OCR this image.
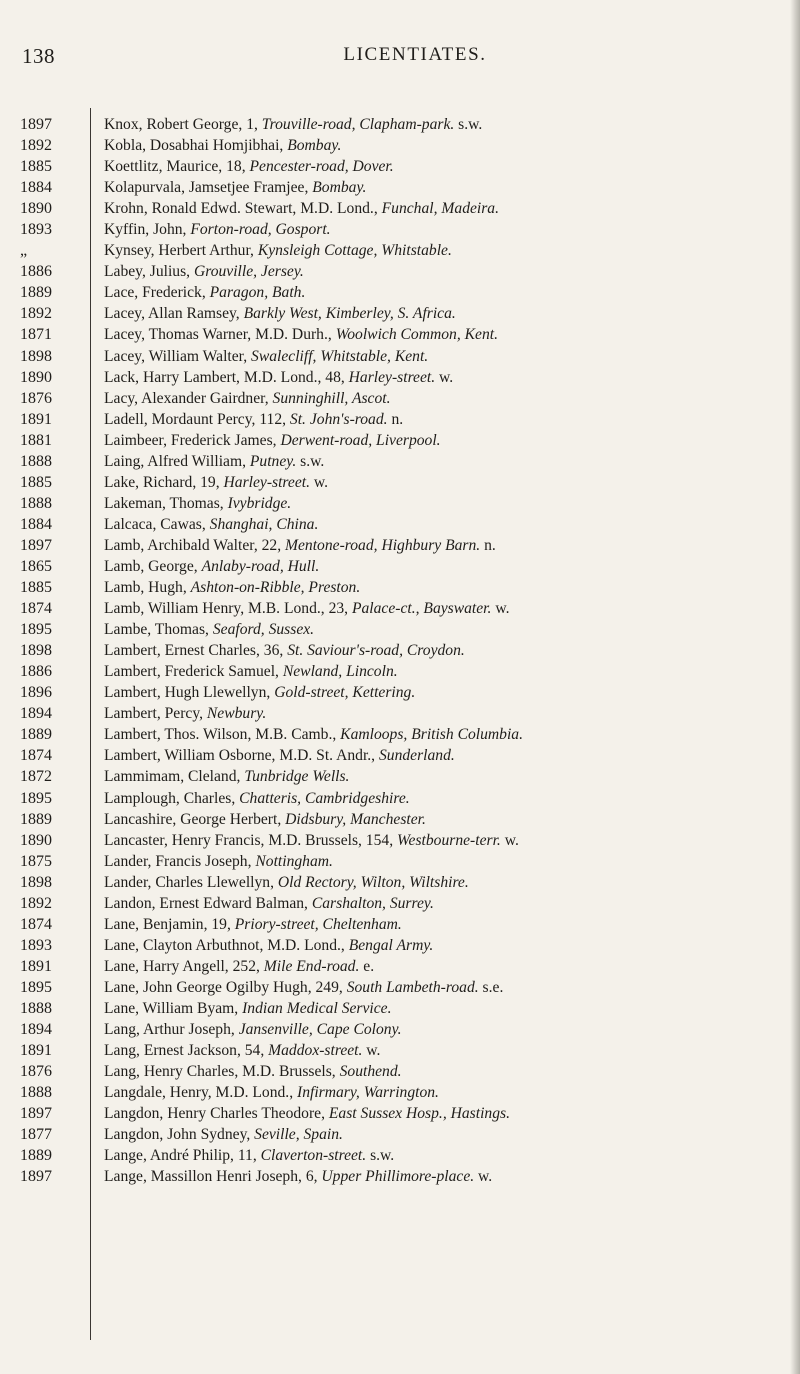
138	LICENTIATES.
1897
1892
1885
1884
1890
1893
„
1886
1889
1892
1871
1898
1890
1876
1891
1881
1888
1885
1888
1884
1897
1865
1885
1874
1895
1898
1886
1896
1894
1889
1874
1872
1895
1889
1890
1875
1898
1892
1874
1893
1891
1895
1888
1894
1891
1876
1888
1897
1877
1889
1897
Knox, Robert George, 1, Trouville-road, Clapham-park. s.w.
Kobla, Dosabhai Homjibhai, Bombay.
Koettlitz, Maurice, 18, Pencester-road, Dover.
Kolapurvala, Jamsetjee Framjee, Bombay.
Krohn, Ronald Edwd. Stewart, M.D. Lond., Funchal, Madeira.
Kyffin, John, Forton-road, Gosport.
Kynsey, Herbert Arthur, Kynsleigh Cottage, Whitstable.
Labey, Julius, Grouville, Jersey.
Lace, Frederick, Paragon, Bath.
Lacey, Allan Ramsey, Barkly West, Kimberley, S. Africa.
Lacey, Thomas Warner, M.D. Durh., Woolwich Common, Kent.
Lacey, William Walter, Swalecliff, Whitstable, Kent.
Lack, Harry Lambert, M.D. Lond., 48, Harley-street. w.
Lacy, Alexander Gairdner, Sunninghill, Ascot.
Ladell, Mordaunt Percy, 112, St. John's-road. n.
Laimbeer, Frederick James, Derwent-road, Liverpool.
Laing, Alfred William, Putney. s.w.
Lake, Richard, 19, Harley-street. w.
Lakeman, Thomas, Ivybridge.
Lalcaca, Cawas, Shanghai, China.
Lamb, Archibald Walter, 22, Mentone-road, Highbury Barn. n.
Lamb, George, Anlaby-road, Hull.
Lamb, Hugh, Ashton-on-Ribble, Preston.
Lamb, William Henry, M.B. Lond., 23, Palace-ct., Bayswater. w.
Lambe, Thomas, Seaford, Sussex.
Lambert, Ernest Charles, 36, St. Saviour's-road, Croydon.
Lambert, Frederick Samuel, Newland, Lincoln.
Lambert, Hugh Llewellyn, Gold-street, Kettering.
Lambert, Percy, Newbury.
Lambert, Thos. Wilson, M.B. Camb., Kamloops, British Columbia.
Lambert, William Osborne, M.D. St. Andr., Sunderland.
Lammimam, Cleland, Tunbridge Wells.
Lamplough, Charles, Chatteris, Cambridgeshire.
Lancashire, George Herbert, Didsbury, Manchester.
Lancaster, Henry Francis, M.D. Brussels, 154, Westbourne-terr. w.
Lander, Francis Joseph, Nottingham.
Lander, Charles Llewellyn, Old Rectory, Wilton, Wiltshire.
Landon, Ernest Edward Balman, Carshalton, Surrey.
Lane, Benjamin, 19, Priory-street, Cheltenham.
Lane, Clayton Arbuthnot, M.D. Lond., Bengal Army.
Lane, Harry Angell, 252, Mile End-road. e.
Lane, John George Ogilby Hugh, 249, South Lambeth-road. s.e.
Lane, William Byam, Indian Medical Service.
Lang, Arthur Joseph, Jansenville, Cape Colony.
Lang, Ernest Jackson, 54, Maddox-street. w.
Lang, Henry Charles, M.D. Brussels, Southend.
Langdale, Henry, M.D. Lond., Infirmary, Warrington.
Langdon, Henry Charles Theodore, East Sussex Hosp., Hastings.
Langdon, John Sydney, Seville, Spain.
Lange, André Philip, 11, Claverton-street. s.w.
Lange, Massillon Henri Joseph, 6, Upper Phillimore-place. w.
